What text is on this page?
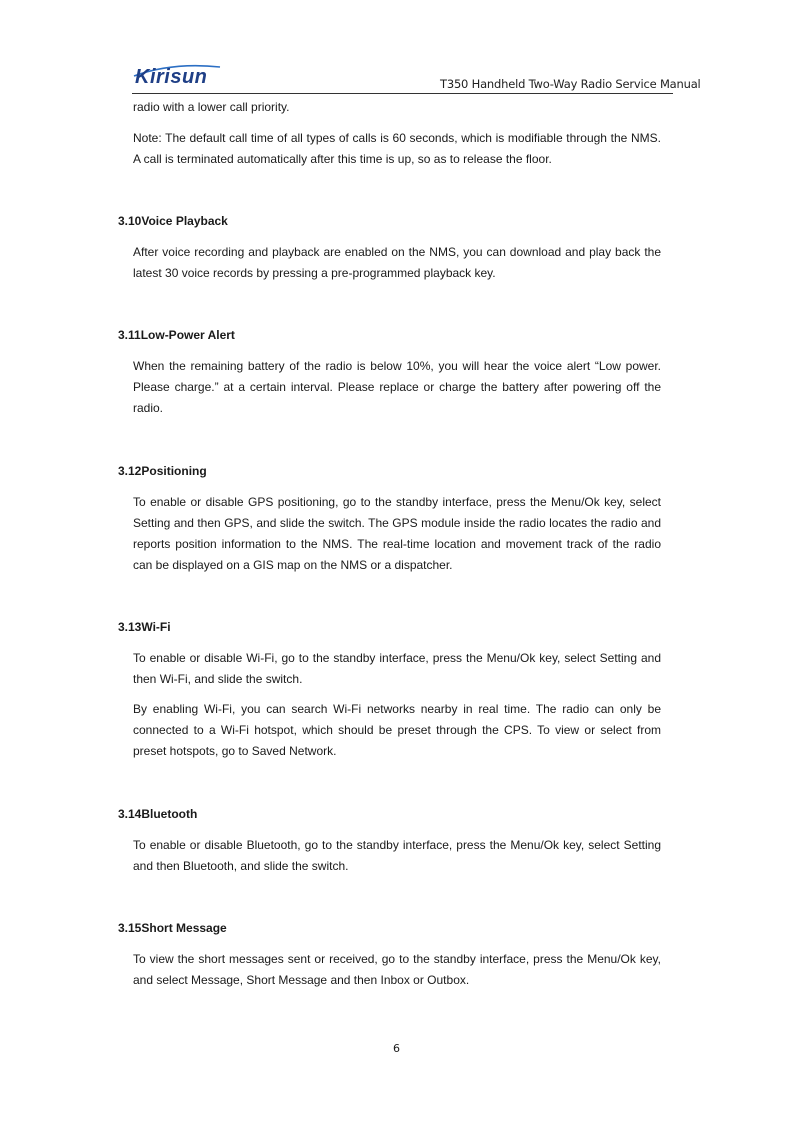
Kirisun	T350 Handheld Two-Way Radio Service Manual

radio with a lower call priority.

Note: The default call time of all types of calls is 60 seconds, which is modifiable through the NMS. A call is terminated automatically after this time is up, so as to release the floor.

3.10Voice Playback

After voice recording and playback are enabled on the NMS, you can download and play back the latest 30 voice records by pressing a pre-programmed playback key.

3.11Low-Power Alert

When the remaining battery of the radio is below 10%, you will hear the voice alert “Low power. Please charge.” at a certain interval. Please replace or charge the battery after powering off the radio.

3.12Positioning

To enable or disable GPS positioning, go to the standby interface, press the Menu/Ok key, select Setting and then GPS, and slide the switch. The GPS module inside the radio locates the radio and reports position information to the NMS. The real-time location and movement track of the radio can be displayed on a GIS map on the NMS or a dispatcher.

3.13Wi-Fi

To enable or disable Wi-Fi, go to the standby interface, press the Menu/Ok key, select Setting and then Wi-Fi, and slide the switch.

By enabling Wi-Fi, you can search Wi-Fi networks nearby in real time. The radio can only be connected to a Wi-Fi hotspot, which should be preset through the CPS. To view or select from preset hotspots, go to Saved Network.

3.14Bluetooth

To enable or disable Bluetooth, go to the standby interface, press the Menu/Ok key, select Setting and then Bluetooth, and slide the switch.

3.15Short Message

To view the short messages sent or received, go to the standby interface, press the Menu/Ok key, and select Message, Short Message and then Inbox or Outbox.

6
